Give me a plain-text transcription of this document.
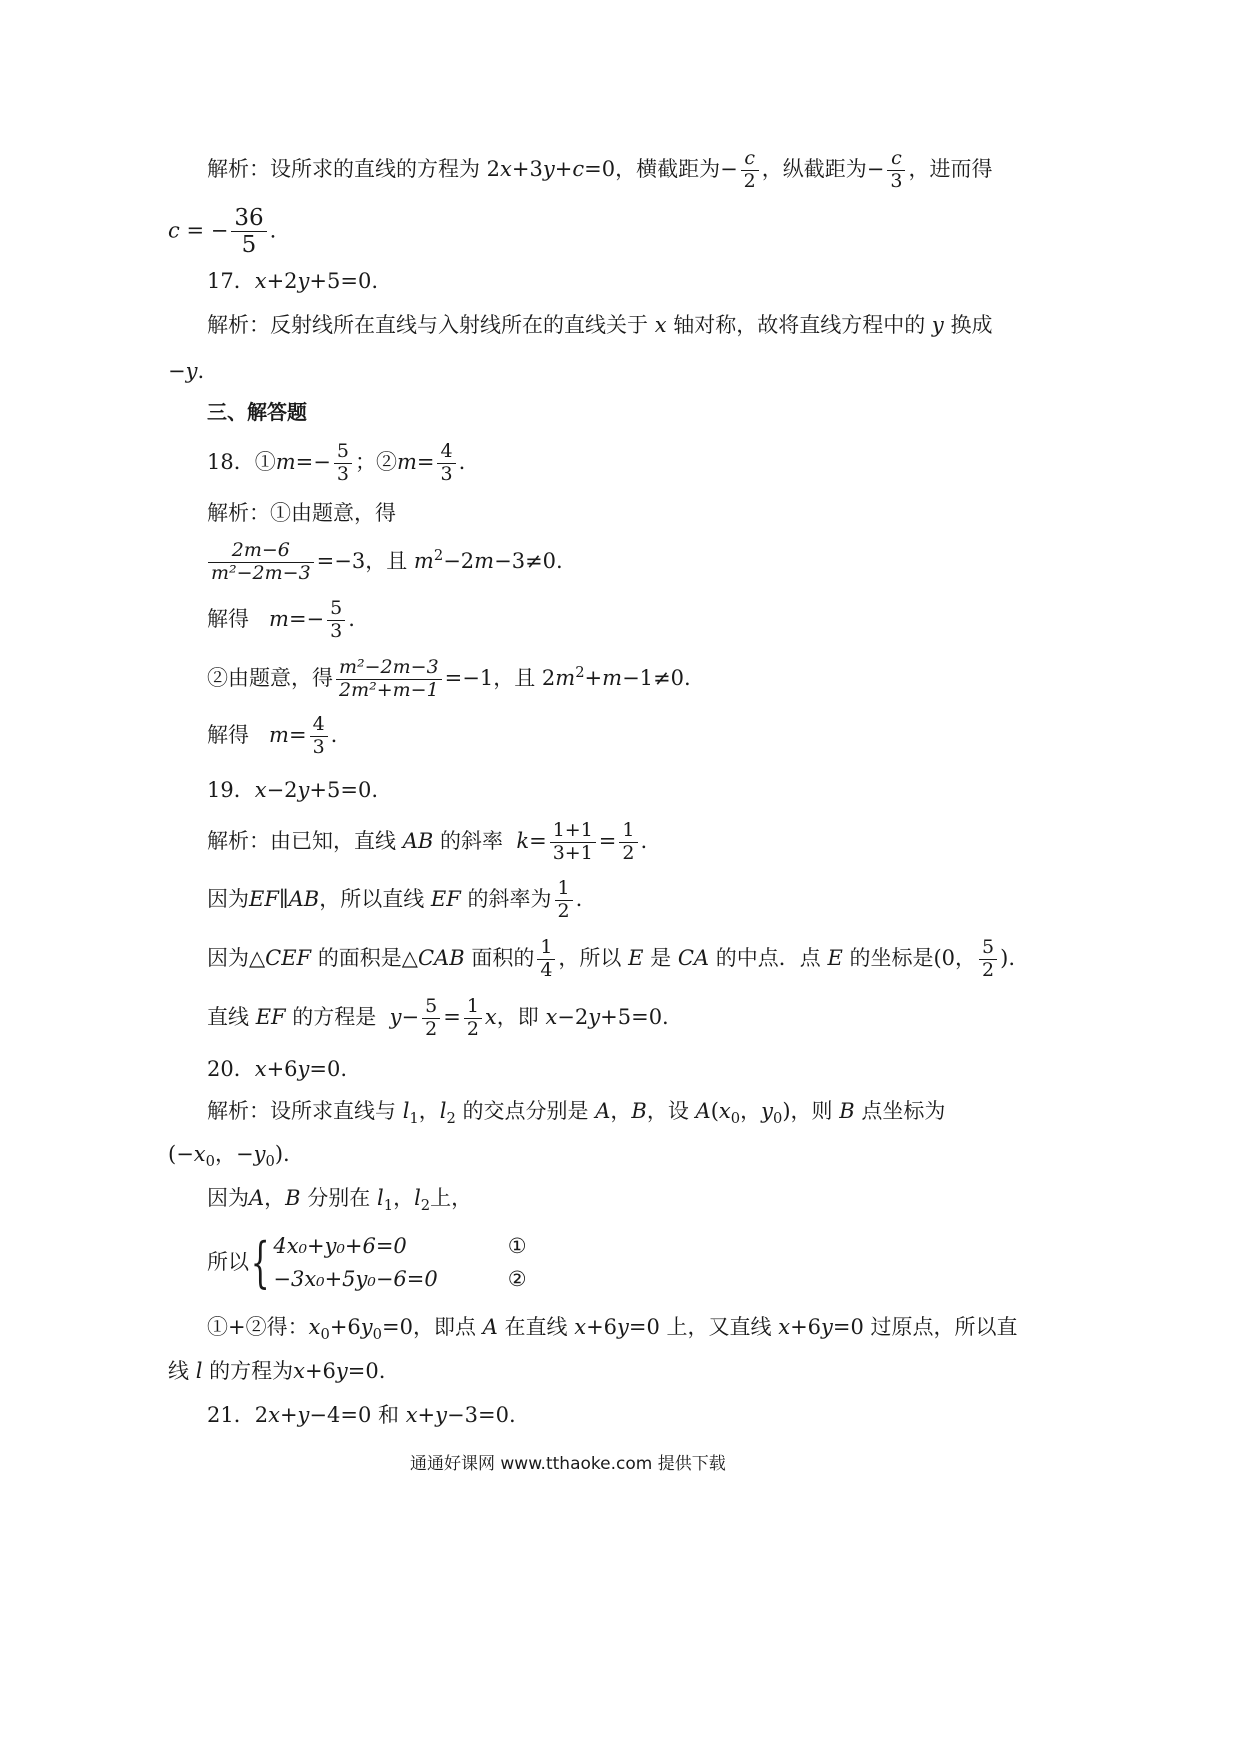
解析：设所求的直线的方程为 2x+3y+c=0，横截距为− $\frac{c}{2}$ ，纵截距为− $\frac{c}{3}$ ，进而得
c = − $\frac{36}{5}$ .
17．x+2y+5=0.
解析：反射线所在直线与入射线所在的直线关于 x 轴对称，故将直线方程中的 y 换成
−y.
三、解答题
18．①m=− $\frac{5}{3}$ ；②m= $\frac{4}{3}$ .
解析：①由题意，得
$\frac{2m-6}{\text{m²−2m−3}} =-3$，且 $m^2-2m-3\ne 0$.
解得 $m=- \frac{5}{3}$ .
②由题意，得 $\frac{\text{m²−2m−3}}{\text{2m²+m−1}} =-1$，且 $2m^2+m-1\ne 0$.
解得 $m= \frac{4}{3}$ .
19．x−2y+5=0.
解析：由已知，直线 AB 的斜率 $k= \frac{1+1}{3+1} = \frac{1}{2}$ .
因为EF∥AB，所以直线 EF 的斜率为 $\frac{1}{2}$ .
因为△CEF 的面积是△CAB 面积的 $\frac{1}{4}$ ，所以 E 是 CA 的中点．点 E 的坐标是(0， $\frac{5}{2}$ ).
直线 EF 的方程是 $y- \frac{5}{2} = \frac{1}{2}$ x，即 x−2y+5=0.
20．x+6y=0.
解析：设所求直线与 $l_1$，$l_2$ 的交点分别是 A，B，设 $A(x_0$，$y_0$)，则 B 点坐标为
($-x_0$，$-y_0$).
因为A，B 分别在 $l_1$，$l_2$上，
所以{ 4x₀+y₀+6=0
−3x₀+5y₀−6=0
①
②
①+②得：$x_0+6y_0=0$，即点 A 在直线 x+6y=0 上，又直线 x+6y=0 过原点，所以直
线 l 的方程为x+6y=0.
21．2x+y−4=0 和 x+y−3=0.
通通好课网 www.tthaoke.com 提供下载
